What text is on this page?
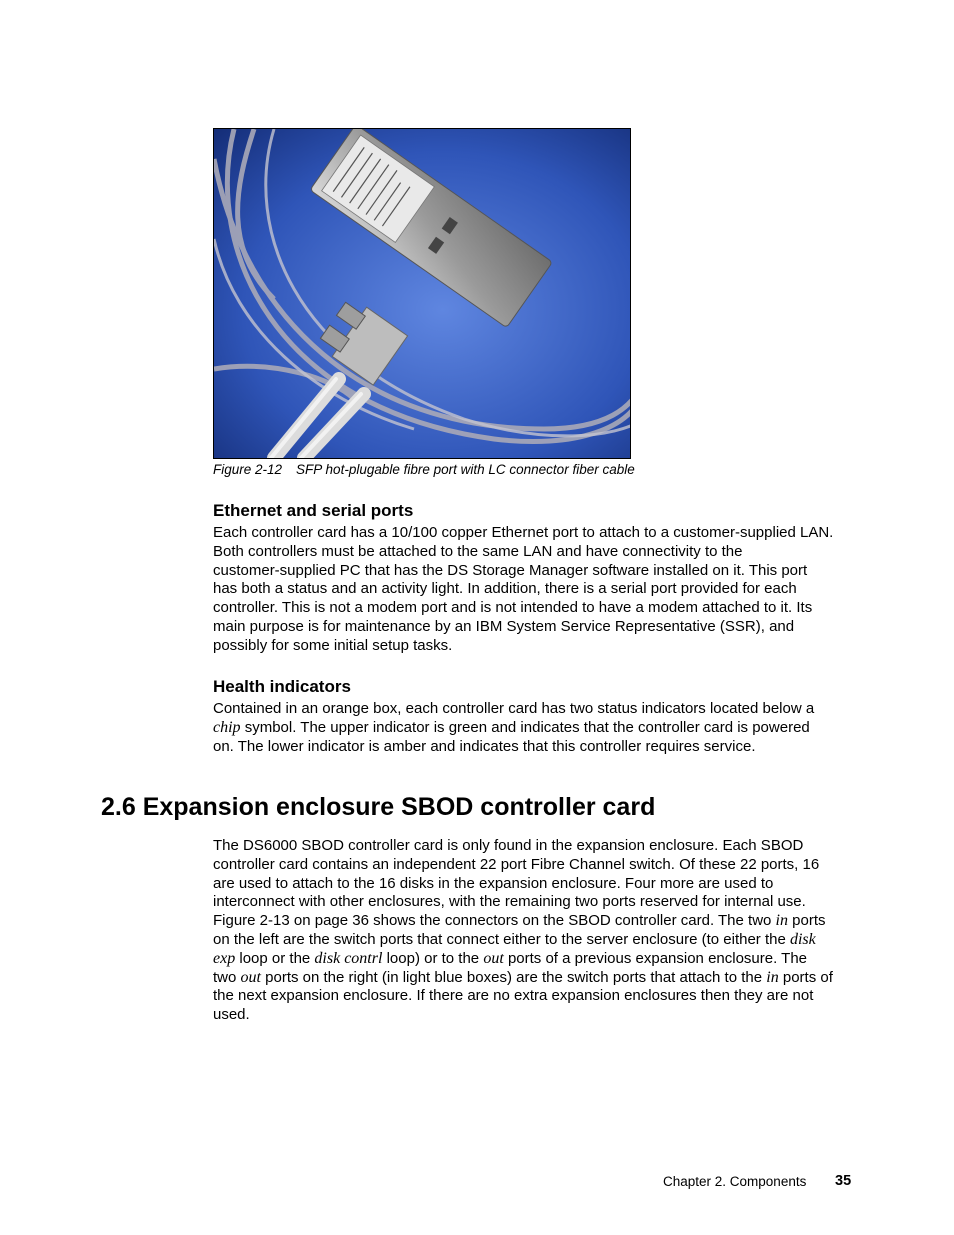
Figure 2-12 SFP hot-plugable fibre port with LC connector fiber cable
Ethernet and serial ports
Each controller card has a 10/100 copper Ethernet port to attach to a customer-supplied LAN.
Both controllers must be attached to the same LAN and have connectivity to the
customer-supplied PC that has the DS Storage Manager software installed on it. This port
has both a status and an activity light. In addition, there is a serial port provided for each
controller. This is not a modem port and is not intended to have a modem attached to it. Its
main purpose is for maintenance by an IBM System Service Representative (SSR), and
possibly for some initial setup tasks.
Health indicators
Contained in an orange box, each controller card has two status indicators located below a
chip symbol. The upper indicator is green and indicates that the controller card is powered
on. The lower indicator is amber and indicates that this controller requires service.
2.6 Expansion enclosure SBOD controller card
The DS6000 SBOD controller card is only found in the expansion enclosure. Each SBOD
controller card contains an independent 22 port Fibre Channel switch. Of these 22 ports, 16
are used to attach to the 16 disks in the expansion enclosure. Four more are used to
interconnect with other enclosures, with the remaining two ports reserved for internal use.
Figure 2-13 on page 36 shows the connectors on the SBOD controller card. The two in ports
on the left are the switch ports that connect either to the server enclosure (to either the disk
exp loop or the disk contrl loop) or to the out ports of a previous expansion enclosure. The
two out ports on the right (in light blue boxes) are the switch ports that attach to the in ports of
the next expansion enclosure. If there are no extra expansion enclosures then they are not
used.
Chapter 2. Components 35
